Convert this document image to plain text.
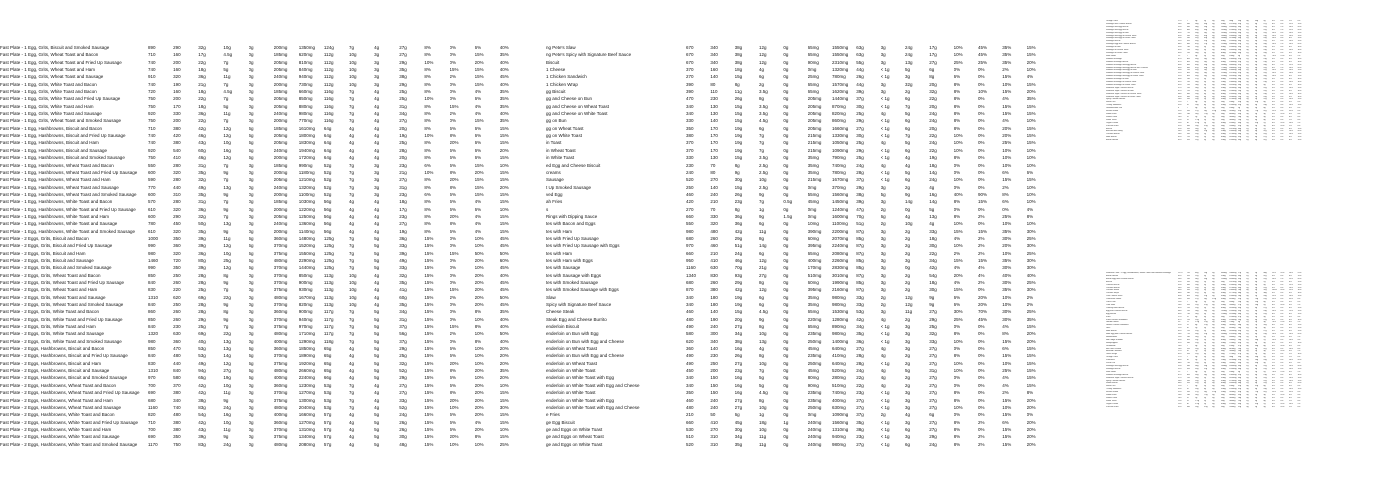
Fast Plate - 1 Egg, Grits, Biscuit and Smoked Sausage	890	290	32g	10g	0g	200mg	1350mg	124g	7g	4g	27g	8%	0%	6%	40%
Fast Plate - 1 Egg, Grits, Wheat Toast and Bacon	710	160	17g	4.5g	0g	185mg	620mg	112g	10g	3g	27g	8%	0%	15%	35%
Fast Plate - 1 Egg, Grits, Wheat Toast and Fried Up Sausage	740	200	22g	7g	0g	205mg	810mg	112g	10g	3g	29g	10%	0%	20%	40%
Fast Plate - 1 Egg, Grits, Wheat Toast and Ham	740	160	18g	5g	0g	205mg	840mg	112g	10g	3g	35g	8%	15%	15%	40%
Fast Plate - 1 Egg, Grits, Wheat Toast and Sausage	910	320	36g	11g	0g	240mg	940mg	112g	10g	3g	38g	8%	2%	15%	45%
Fast Plate - 1 Egg, Grits, White Toast and Bacon	740	190	21g	7g	0g	200mg	730mg	112g	10g	3g	29g	8%	0%	15%	40%
Fast Plate - 1 Egg, Grits, White Toast and Bacon	720	160	18g	4.5g	0g	185mg	660mg	116g	7g	4g	25g	8%	0%	4%	35%
Fast Plate - 1 Egg, Grits, White Toast and Fried Up Sausage	750	200	22g	7g	0g	205mg	850mg	116g	7g	4g	25g	10%	0%	6%	35%
Fast Plate - 1 Egg, Grits, White Toast and Ham	750	170	18g	5g	0g	205mg	880mg	116g	7g	4g	31g	8%	15%	4%	35%
Fast Plate - 1 Egg, Grits, White Toast and Sausage	920	330	36g	11g	0g	240mg	980mg	116g	7g	4g	34g	8%	2%	4%	40%
Fast Plate - 1 Egg, Grits, Wheat Toast and Smoked Sausage	750	200	22g	7g	0g	200mg	770mg	116g	7g	4g	27g	8%	0%	15%	35%
Fast Plate - 1 Egg, Hashbrowns, Biscuit and Bacon	710	380	42g	12g	6g	185mg	1610mg	64g	4g	4g	20g	8%	6%	6%	15%
Fast Plate - 1 Egg, Hashbrowns, Biscuit and Fried Up Sausage	740	420	46g	12g	6g	205mg	1800mg	64g	4g	4g	19g	10%	8%	6%	15%
Fast Plate - 1 Egg, Hashbrowns, Biscuit and Ham	740	380	43g	10g	6g	205mg	1830mg	64g	4g	4g	25g	8%	20%	6%	15%
Fast Plate - 1 Egg, Hashbrowns, Biscuit and Sausage	920	540	60g	16g	6g	240mg	1940mg	64g	4g	4g	28g	8%	6%	6%	20%
Fast Plate - 1 Egg, Hashbrowns, Biscuit and Smoked Sausage	750	410	46g	12g	6g	200mg	1720mg	64g	4g	4g	20g	8%	6%	6%	15%
Fast Plate - 1 Egg, Hashbrowns, Wheat Toast and Bacon	550	280	31g	7g	3g	185mg	990mg	52g	7g	3g	23g	6%	6%	15%	10%
Fast Plate - 1 Egg, Hashbrowns, Wheat Toast and Fried Up Sausage	600	320	35g	9g	0g	200mg	1180mg	52g	7g	3g	21g	10%	8%	20%	15%
Fast Plate - 1 Egg, Hashbrowns, Wheat Toast and Ham	590	280	32g	7g	3g	205mg	1210mg	52g	7g	3g	27g	8%	20%	15%	15%
Fast Plate - 1 Egg, Hashbrowns, Wheat Toast and Sausage	770	440	49g	13g	0g	240mg	1320mg	52g	7g	3g	31g	8%	8%	15%	20%
Fast Plate - 1 Egg, Hashbrowns, Wheat Toast and Smoked Sausage	600	310	35g	9g	0g	200mg	1100mg	52g	7g	3g	23g	6%	6%	15%	15%
Fast Plate - 1 Egg, Hashbrowns, White Toast and Bacon	570	280	31g	7g	0g	185mg	1030mg	56g	4g	4g	18g	8%	6%	4%	15%
Fast Plate - 1 Egg, Hashbrowns, White Toast and Fried Up Sausage	610	320	36g	9g	0g	200mg	1220mg	56g	4g	4g	17g	8%	6%	6%	10%
Fast Plate - 1 Egg, Hashbrowns, White Toast and Ham	600	290	32g	7g	0g	205mg	1250mg	56g	4g	4g	23g	8%	20%	4%	15%
Fast Plate - 1 Egg, Hashbrowns, White Toast and Sausage	780	450	50g	13g	0g	240mg	1360mg	56g	4g	4g	27g	8%	8%	4%	15%
Fast Plate - 1 Egg, Hashbrowns, White Toast and Smoked Sausage	610	320	35g	9g	0g	200mg	1140mg	56g	4g	4g	19g	8%	6%	4%	15%
Fast Plate - 2 Eggs, Grits, Biscuit and Bacon	1000	350	39g	11g	6g	360mg	1480mg	125g	7g	5g	36g	15%	0%	10%	45%
Fast Plate - 2 Eggs, Grits, Biscuit and Fried Up Sausage	990	360	39g	12g	6g	370mg	1520mg	125g	7g	5g	33g	15%	0%	10%	45%
Fast Plate - 2 Eggs, Grits, Biscuit and Ham	980	320	36g	10g	6g	375mg	1550mg	125g	7g	5g	39g	15%	15%	50%	50%
Fast Plate - 2 Eggs, Grits, Biscuit and Sausage	1460	720	80g	25g	6g	480mg	2290mg	125g	7g	5g	49g	15%	0%	20%	60%
Fast Plate - 2 Eggs, Grits, Biscuit and Smoked Sausage	990	350	39g	12g	6g	370mg	1440mg	125g	7g	5g	33g	15%	0%	10%	45%
Fast Plate - 2 Eggs, Grits, Wheat Toast and Bacon	850	250	28g	8g	0g	370mg	850mg	113g	10g	4g	32g	15%	0%	20%	40%
Fast Plate - 2 Eggs, Grits, Wheat Toast and Fried Up Sausage	840	260	28g	9g	0g	370mg	900mg	113g	10g	4g	35g	15%	0%	20%	45%
Fast Plate - 2 Eggs, Grits, Wheat Toast and Ham	830	220	25g	7g	0g	375mg	930mg	113g	10g	4g	41g	15%	15%	20%	45%
Fast Plate - 2 Eggs, Grits, Wheat Toast and Sausage	1310	620	69g	22g	0g	480mg	1670mg	113g	10g	4g	60g	15%	2%	20%	50%
Fast Plate - 2 Eggs, Grits, Wheat Toast and Smoked Sausage	840	250	28g	9g	0g	370mg	820mg	113g	10g	4g	35g	15%	0%	20%	45%
Fast Plate - 2 Eggs, Grits, White Toast and Bacon	860	260	28g	8g	0g	360mg	900mg	117g	7g	5g	34g	15%	0%	8%	35%
Fast Plate - 2 Eggs, Grits, White Toast and Fried Up Sausage	850	260	29g	9g	0g	370mg	940mg	117g	7g	5g	31g	15%	0%	10%	40%
Fast Plate - 2 Eggs, Grits, White Toast and Ham	840	230	25g	7g	0g	375mg	970mg	117g	7g	5g	37g	15%	15%	8%	40%
Fast Plate - 2 Eggs, Grits, White Toast and Sausage	1320	630	69g	22g	0g	480mg	1710mg	117g	7g	5g	56g	15%	2%	10%	50%
Fast Plate - 2 Eggs, Grits, White Toast and Smoked Sausage	980	360	40g	13g	0g	400mg	1290mg	118g	7g	5g	37g	15%	0%	8%	40%
Fast Plate - 2 Eggs, Hashbrowns, Biscuit and Bacon	850	470	53g	13g	6g	360mg	1850mg	65g	4g	5g	29g	15%	6%	10%	20%
Fast Plate - 2 Eggs, Hashbrowns, Biscuit and Fried Up Sausage	840	480	53g	14g	6g	370mg	1890mg	65g	4g	5g	25g	15%	6%	10%	20%
Fast Plate - 2 Eggs, Hashbrowns, Biscuit and Ham	830	440	49g	12g	6g	375mg	1920mg	65g	4g	5g	32g	15%	20%	10%	20%
Fast Plate - 2 Eggs, Hashbrowns, Biscuit and Sausage	1310	840	94g	27g	6g	480mg	2660mg	65g	4g	5g	52g	15%	8%	20%	35%
Fast Plate - 2 Eggs, Hashbrowns, Biscuit and Smoked Sausage	970	580	65g	19g	6g	400mg	2240mg	66g	4g	5g	29g	15%	6%	10%	20%
Fast Plate - 2 Eggs, Hashbrowns, Wheat Toast and Bacon	700	370	42g	10g	0g	360mg	1230mg	53g	7g	4g	27g	15%	6%	20%	10%
Fast Plate - 2 Eggs, Hashbrowns, Wheat Toast and Fried Up Sausage	690	380	42g	11g	0g	370mg	1270mg	53g	7g	4g	27g	15%	8%	20%	15%
Fast Plate - 2 Eggs, Hashbrowns, Wheat Toast and Ham	680	340	38g	9g	0g	375mg	1300mg	53g	7g	4g	33g	15%	20%	20%	15%
Fast Plate - 2 Eggs, Hashbrowns, Wheat Toast and Sausage	1160	740	83g	24g	0g	480mg	2040mg	53g	7g	4g	52g	15%	10%	20%	30%
Fast Plate - 2 Eggs, Hashbrowns, White Toast and Bacon	820	480	54g	16g	0g	400mg	1660mg	57g	4g	5g	24g	15%	6%	20%	15%
Fast Plate - 2 Eggs, Hashbrowns, White Toast and Fried Up Sausage	710	380	42g	10g	0g	360mg	1270mg	57g	4g	5g	26g	15%	6%	4%	15%
Fast Plate - 2 Eggs, Hashbrowns, White Toast and Ham	700	380	43g	11g	0g	370mg	1310mg	57g	4g	5g	26g	15%	6%	20%	10%
Fast Plate - 2 Eggs, Hashbrowns, White Toast and Sausage	690	350	39g	9g	0g	375mg	1340mg	57g	4g	5g	30g	15%	20%	8%	15%
Fast Plate - 2 Eggs, Hashbrowns, White Toast and Smoked Sausage	1170	750	83g	24g	0g	480mg	2080mg	57g	4g	5g	48g	15%	10%	10%	25%
ng Pete's Slaw	670	340	38g	12g	0g	65mg	1550mg	63g	3g	24g	17g	10%	45%	35%	15%
ng Pete's Spicy with Signature Beef Sauce	670	340	38g	12g	0g	65mg	1550mg	63g	3g	24g	17g	10%	45%	35%	15%
Biscuit	670	340	38g	12g	0g	90mg	2310mg	55g	3g	13g	27g	25%	25%	35%	20%
1 Cheese	370	160	18g	4g	0g	0mg	1320mg	44g	< 1g	5g	6g	0%	0%	2%	10%
1 Chicken Sandwich	270	140	15g	6g	0g	25mg	780mg	26g	< 1g	3g	8g	6%	0%	15%	4%
1 Chicken Wrap	390	80	8g	2g	0g	65mg	1570mg	44g	3g	32g	20g	8%	0%	10%	15%
gg Biscuit	390	110	11g	3.5g	0g	65mg	1620mg	39g	3g	2g	32g	8%	10%	15%	20%
gg and Cheese on Bun	470	230	26g	8g	0g	205mg	1440mg	37g	< 1g	6g	22g	8%	0%	4%	35%
gg and Cheese on Wheat Toast	340	130	15g	3.5g	0g	205mg	870mg	30g	< 1g	7g	20g	8%	0%	15%	15%
gg and Cheese on White Toast	340	130	15g	3.5g	0g	205mg	820mg	25g	4g	5g	24g	8%	0%	15%	15%
gg on Bun	330	140	15g	4.5g	0g	205mg	860mg	29g	< 1g	6g	24g	8%	0%	4%	10%
gg on Wheat Toast	350	170	19g	6g	0g	205mg	1660mg	27g	< 1g	6g	20g	8%	0%	20%	15%
gg on White Toast	380	170	19g	7g	0g	215mg	1330mg	30g	< 1g	7g	22g	10%	0%	20%	15%
in Toast	370	170	19g	7g	0g	215mg	1050mg	25g	4g	5g	24g	10%	0%	25%	15%
in Wheat Toast	370	170	19g	7g	0g	215mg	1090mg	29g	< 1g	6g	22g	10%	0%	10%	10%
in White Toast	330	130	15g	3.5g	0g	35mg	790mg	25g	< 1g	4g	19g	8%	0%	10%	10%
ed Egg and Cheese Biscuit	230	70	8g	2.5g	0g	35mg	740mg	24g	4g	4g	18g	0%	0%	10%	10%
creams	240	80	9g	2.5g	0g	35mg	780mg	28g	< 1g	5g	14g	0%	0%	6%	6%
Sausage	520	270	30g	10g	0g	215mg	1670mg	37g	< 1g	6g	24g	10%	0%	15%	15%
t Up Smoked Sausage	250	140	15g	2.5g	0g	0mg	370mg	29g	3g	2g	4g	0%	0%	2%	10%
ved Egg	460	240	26g	9g	0g	55mg	1560mg	38g	5g	9g	16g	40%	90%	8%	10%
ah Fries	420	210	23g	7g	0.5g	45mg	1450mg	39g	3g	14g	14g	8%	15%	6%	10%
s	270	70	8g	1g	0g	0mg	1240mg	47g	2g	0g	5g	0%	0%	0%	4%
Rings with Dipping Sauce	660	330	36g	9g	1.5g	0mg	1600mg	70g	6g	4g	13g	8%	2%	25%	8%
tes with Bacon and Eggs	550	320	36g	6g	0g	10mg	1100mg	51g	2g	10g	4g	10%	0%	10%	10%
tes with Ham	980	480	42g	11g	0g	390mg	2200mg	87g	3g	2g	33g	15%	15%	35%	30%
tes with Fried Up Sausage	680	260	29g	8g	0g	60mg	2070mg	85g	3g	2g	18g	4%	2%	30%	25%
tes with Fried Up Sausage with Eggs	970	460	51g	14g	0g	395mg	2240mg	87g	3g	2g	30g	10%	2%	20%	30%
tes with Ham	660	210	24g	6g	0g	65mg	2080mg	87g	3g	2g	22g	2%	2%	10%	25%
tes with Ham with Eggs	950	410	46g	12g	0g	400mg	2260mg	85g	3g	3g	34g	15%	15%	35%	30%
tes with Sausage	1160	630	70g	21g	0g	170mg	2830mg	85g	3g	0g	42g	4%	4%	30%	30%
tes with Sausage with Eggs	1340	830	93g	27g	0g	510mg	3010mg	87g	3g	2g	54g	20%	4%	40%	40%
tes with Smoked Sausage	680	260	29g	8g	0g	60mg	1990mg	85g	3g	2g	18g	4%	2%	30%	25%
tes with Smoked Sausage with Eggs	870	380	42g	12g	0g	395mg	2160mg	87g	3g	2g	30g	15%	0%	35%	30%
Slaw	340	180	19g	6g	0g	35mg	980mg	33g	2g	12g	9g	6%	20%	10%	2%
Spicy with Signature Beef Sauce	340	180	19g	6g	0g	35mg	980mg	33g	2g	12g	9g	6%	20%	10%	2%
Cheese Steak	460	140	15g	4.5g	0g	65mg	1530mg	53g	3g	11g	27g	30%	70%	30%	25%
Steak Egg and Cheese Burrito	480	190	20g	9g	0g	220mg	1280mg	42g	4g	2g	29g	25%	45%	30%	35%
enderloin Biscuit	490	240	27g	8g	0g	65mg	890mg	34g	< 1g	3g	25g	0%	0%	4%	15%
enderloin on Bun with Egg	580	300	34g	10g	0g	235mg	980mg	35g	< 1g	3g	32g	8%	0%	8%	20%
enderloin on Bun with Egg and Cheese	620	340	38g	13g	0g	250mg	1400mg	36g	< 1g	3g	33g	10%	0%	15%	20%
enderloin on Wheat Toast	360	140	16g	4g	0g	45mg	640mg	27g	4g	3g	27g	0%	0%	6%	15%
enderloin on Bun with Egg and Cheese	490	230	26g	8g	0g	235mg	410mg	28g	4g	2g	27g	8%	0%	15%	15%
enderloin on Wheat Toast	490	250	27g	10g	0g	250mg	640mg	28g	< 1g	2g	27g	10%	0%	10%	15%
enderloin on White Toast	450	200	23g	7g	0g	45mg	520mg	24g	4g	5g	31g	10%	0%	25%	15%
enderloin on White Toast with Egg	340	150	16g	5g	0g	80mg	280mg	22g	4g	2g	27g	0%	0%	4%	15%
enderloin on White Toast with Egg and Cheese	340	150	16g	5g	0g	90mg	510mg	22g	4g	2g	27g	0%	0%	4%	15%
enderloin on White Toast	350	150	16g	4.5g	0g	235mg	740mg	23g	< 1g	3g	27g	8%	0%	2%	8%
enderloin on White Toast with Egg	460	240	27g	8g	0g	235mg	400mg	27g	< 1g	3g	27g	8%	0%	15%	20%
enderloin on White Toast with Egg and Cheese	480	240	27g	10g	0g	250mg	630mg	27g	< 1g	3g	27g	10%	0%	10%	20%
e Fries	210	50	6g	1g	0g	0mg	1090mg	37g	2g	4g	6g	0%	0%	15%	0%
ge Egg Biscuit	660	410	45g	18g	1g	240mg	1560mg	35g	< 1g	3g	27g	8%	2%	6%	20%
ge and Eggs on White Toast	530	270	30g	10g	0g	240mg	1310mg	38g	< 1g	6g	27g	8%	0%	15%	20%
ge and Eggs on Wheat Toast	510	310	34g	11g	0g	240mg	940mg	23g	< 1g	3g	29g	8%	2%	15%	20%
ge and Eggs on White Toast	520	310	35g	11g	0g	240mg	980mg	27g	< 1g	6g	24g	8%	2%	15%	20%
Orange Juice	170	0	0g	0g	0g	0mg	0mg	39g	0g	34g	2g	0%	0%	2%	0%
Sausage and Cheese Biscuit	580	340	38g	16g	0g	70mg	1570mg	42g	1g	4g	17g	8%	0%	15%	15%
Sausage and Egg Biscuit	590	340	38g	14g	0g	240mg	1400mg	40g	1g	4g	21g	8%	2%	20%	20%
Sausage and Egg Biscuit	620	360	40g	16g	0g	245mg	1530mg	41g	1g	4g	22g	8%	2%	15%	20%
Sausage and Egg on Bun	490	270	30g	11g	0g	245mg	1020mg	33g	1g	5g	22g	10%	0%	10%	15%
Sausage and Egg on Wheat Toast	490	280	31g	10g	0g	240mg	1090mg	29g	3g	3g	23g	10%	0%	20%	15%
Sausage and Egg on White Toast	500	280	31g	10g	0g	240mg	1130mg	33g	1g	4g	19g	10%	0%	6%	15%
Sausage Biscuit	510	320	35g	12g	0g	35mg	1350mg	40g	1g	4g	12g	0%	0%	10%	15%
Sausage Egg and Cheese Biscuit	640	380	42g	17g	0g	255mg	1860mg	41g	1g	4g	24g	10%	2%	20%	20%
Sausage on Bun	390	230	25g	9g	0g	35mg	1030mg	33g	1g	5g	13g	0%	0%	6%	10%
Sausage on Wheat Toast	420	250	28g	9g	0g	30mg	1090mg	30g	3g	3g	14g	0%	0%	20%	10%
Sausage on White Toast	430	250	28g	9g	0g	30mg	1130mg	33g	1g	4g	10g	0%	0%	4%	10%
Side Salad	15	0	0g	0g	0g	0mg	10mg	3g	1g	2g	1g	70%	15%	0%	2%
Smoked Sausage	470	300	33g	11g	0g	60mg	1560mg	32g	1g	4g	13g	0%	0%	6%	10%
Smoked Sausage Biscuit	470	300	33g	11g	0g	60mg	1560mg	32g	1g	4g	13g	0%	0%	6%	10%
Smoked Sausage and Egg Biscuit	600	360	40g	14g	0g	260mg	1660mg	41g	1g	4g	20g	8%	2%	15%	20%
Smoked Sausage and Egg Biscuit with Cheese	630	380	42g	16g	0g	275mg	1860mg	41g	1g	4g	22g	8%	2%	20%	20%
Smoked Sausage and Egg on Bun	500	290	32g	11g	0g	260mg	1300mg	34g	1g	5g	21g	10%	0%	10%	15%
Smoked Sausage and Egg on Wheat Toast	510	300	33g	11g	0g	255mg	1370mg	31g	3g	3g	22g	10%	0%	20%	15%
Smoked Sausage and Egg on White Toast	510	300	33g	11g	0g	255mg	1410mg	34g	1g	4g	18g	10%	0%	6%	15%
Smoked Sausage on Bun	400	240	27g	9g	0g	60mg	1320mg	34g	1g	5g	12g	0%	0%	6%	10%
Smoked Sausage on Wheat Toast	410	250	28g	9g	0g	55mg	1380mg	30g	3g	3g	13g	0%	0%	20%	10%
Smoked Sausage on White Toast	420	250	28g	9g	0g	55mg	1420mg	34g	1g	4g	9g	0%	0%	4%	10%
Southern Style Chicken Biscuit	570	250	28g	7g	0g	45mg	1650mg	60g	2g	5g	21g	0%	0%	10%	15%
Southern Style Chicken on Bun	470	170	19g	4g	0g	45mg	1330mg	53g	2g	6g	22g	0%	0%	8%	10%
Southern Style Chicken on Wheat Toast	480	180	20g	4g	0g	40mg	1390mg	49g	4g	4g	23g	0%	0%	20%	10%
Southern Style Chicken on White Toast	490	180	20g	4g	0g	40mg	1430mg	53g	2g	5g	19g	0%	0%	4%	10%
Spicy Chicken Biscuit	580	260	29g	7g	0g	50mg	1700mg	60g	2g	5g	21g	0%	0%	10%	15%
Sweet Tea	120	0	0g	0g	0g	0mg	10mg	31g	0g	31g	0g	0%	0%	0%	0%
Turkey Sandwich	350	90	10g	3g	0g	45mg	1280mg	41g	3g	6g	24g	0%	4%	10%	15%
Unsweetened Tea	0	0	0g	0g	0g	0mg	10mg	0g	0g	0g	0g	0%	0%	0%	0%
Vanilla Shake	520	150	17g	11g	0.5g	65mg	320mg	81g	0g	71g	11g	15%	0%	35%	0%
Waffle Fries	280	130	14g	2.5g	0g	0mg	660mg	35g	3g	0g	3g	0%	10%	0%	4%
Wheat Toast	140	20	2g	0g	0g	0mg	340mg	26g	3g	3g	5g	0%	0%	6%	8%
White Toast	150	15	1.5g	0g	0g	0mg	380mg	29g	1g	3g	4g	0%	0%	2%	8%
Yogurt Parfait	230	30	3.5g	2g	0g	10mg	105mg	43g	2g	31g	7g	6%	10%	20%	2%
Zucchini Fries	320	180	20g	3.5g	0g	0mg	760mg	31g	3g	5g	5g	8%	10%	2%	6%
Biscuit	350	150	16g	7g	0g	0mg	1070mg	44g	1g	3g	7g	0%	0%	6%	15%
Biscuits and Gravy	540	250	28g	12g	0g	15mg	1900mg	60g	2g	4g	11g	0%	0%	10%	20%
Chicken Biscuit	580	260	29g	7g	0g	50mg	1700mg	60g	2g	5g	21g	0%	0%	10%	15%
Ham Biscuit	420	170	19g	7g	0g	30mg	1650mg	45g	1g	4g	17g	0%	0%	6%	15%
Bacon Biscuit	410	200	22g	9g	0g	15mg	1280mg	44g	1g	3g	11g	0%	0%	6%	15%
Southern Plate - 1 Egg, Hashbrowns, Wheat Toast and Smoked Sausage	1170	750	83g	24g	0g	480mg	2080mg	57g	4g	5g	48g	15%	10%	10%	25%
Bacon Biscuit	410	200	22g	9g	0g	15mg	1280mg	44g	1g	3g	11g	0%	0%	6%	15%
Bacon Egg and Cheese Biscuit	560	310	34g	14g	0g	250mg	1640mg	45g	1g	4g	21g	10%	2%	15%	20%
Biscuit	350	150	16g	7g	0g	0mg	1070mg	44g	1g	3g	7g	0%	0%	6%	15%
Cheese Biscuit	390	180	20g	9g	0g	15mg	1280mg	44g	1g	3g	9g	4%	0%	15%	15%
Chicken Biscuit	580	260	29g	7g	0g	50mg	1700mg	60g	2g	5g	21g	0%	0%	10%	15%
Chicken Salad	430	190	21g	6g	0g	70mg	1000mg	28g	4g	5g	31g	100%	45%	15%	10%
Chicken Strips	660	330	37g	8g	0g	60mg	1770mg	48g	2g	0g	36g	0%	0%	4%	10%
Chili Cheese Fries	600	300	33g	12g	0g	60mg	1540mg	56g	5g	2g	20g	15%	0%	20%	15%
Chocolate Shake	560	150	17g	11g	0.5g	60mg	420mg	91g	2g	79g	12g	15%	0%	35%	6%
Coca-Cola	200	0	0g	0g	0g	0mg	45mg	55g	0g	55g	0g	0%	0%	0%	0%
Cole Slaw	280	200	22g	3.5g	0g	15mg	300mg	17g	2g	14g	1g	6%	45%	4%	2%
Country Ham Biscuit	420	170	19g	7g	0g	30mg	1650mg	45g	1g	4g	17g	0%	0%	6%	15%
Egg and Cheese Biscuit	480	250	28g	11g	0g	235mg	1350mg	45g	1g	4g	14g	10%	0%	15%	15%
Egg Biscuit	430	210	24g	9g	0g	220mg	1140mg	44g	1g	3g	12g	8%	0%	8%	15%
Fries	270	70	8g	1g	0g	0mg	1240mg	47g	2g	0g	5g	0%	0%	0%	4%
Fried Chicken Sandwich	470	170	19g	4g	0g	45mg	1330mg	53g	2g	6g	22g	0%	0%	8%	10%
Garden Salad	50	25	2.5g	1.5g	0g	10mg	75mg	4g	1g	2g	3g	70%	15%	8%	2%
Grilled Chicken Sandwich	350	70	8g	1.5g	0g	70mg	960mg	38g	3g	7g	32g	6%	6%	8%	15%
Grits	120	10	1g	0g	0g	0mg	420mg	26g	1g	0g	3g	0%	0%	0%	15%
Ham Biscuit	420	170	19g	7g	0g	30mg	1650mg	45g	1g	4g	17g	0%	0%	6%	15%
Ham Egg and Cheese Biscuit	560	270	30g	12g	0g	260mg	1920mg	46g	1g	4g	25g	10%	0%	20%	20%
Hashbrowns	230	130	14g	2g	0g	0mg	400mg	24g	2g	0g	2g	0%	10%	0%	2%
Hot Fudge Sundae	350	100	11g	7g	0g	30mg	200mg	56g	1g	46g	7g	10%	0%	20%	4%
Hushpuppies	320	140	15g	2g	0g	15mg	720mg	42g	2g	6g	5g	0%	0%	4%	10%
Lemonade	180	0	0g	0g	0g	0mg	15mg	47g	0g	46g	0g	0%	20%	0%	0%
Mac and Cheese	280	120	13g	6g	0g	30mg	810mg	29g	1g	4g	11g	6%	0%	20%	8%
Mashed Potatoes	170	60	7g	2g	0g	5mg	540mg	24g	2g	2g	3g	2%	10%	4%	2%
Onion Rings	410	200	22g	4g	0g	0mg	770mg	47g	3g	5g	6g	0%	0%	2%	10%
Orange Juice	170	0	0g	0g	0g	0mg	0mg	39g	0g	34g	2g	0%	0%	2%	0%
Pancakes	450	80	9g	2g	0g	25mg	1100mg	82g	2g	18g	10g	2%	0%	20%	20%
Pecan Pie	480	210	23g	5g	0g	65mg	390mg	63g	2g	33g	5g	2%	0%	4%	8%
Sausage and Egg Biscuit	590	340	38g	14g	0g	240mg	1400mg	40g	1g	4g	21g	8%	2%	20%	20%
Sausage Biscuit	510	320	35g	12g	0g	35mg	1350mg	40g	1g	4g	12g	0%	0%	10%	15%
Side Salad	15	0	0g	0g	0g	0mg	10mg	3g	1g	2g	1g	70%	15%	0%	2%
Smoked Sausage Biscuit	470	300	33g	11g	0g	60mg	1560mg	32g	1g	4g	13g	0%	0%	6%	10%
Southern Style Chicken Biscuit	570	250	28g	7g	0g	45mg	1650mg	60g	2g	5g	21g	0%	0%	10%	15%
Spicy Chicken Biscuit	580	260	29g	7g	0g	50mg	1700mg	60g	2g	5g	21g	0%	0%	10%	15%
Steak Biscuit	480	200	22g	8g	0g	30mg	1400mg	48g	1g	3g	21g	0%	0%	8%	20%
Sweet Tea	120	0	0g	0g	0g	0mg	10mg	31g	0g	31g	0g	0%	0%	0%	0%
Turkey Sandwich	350	90	10g	3g	0g	45mg	1280mg	41g	3g	6g	24g	0%	4%	10%	15%
Vanilla Shake	520	150	17g	11g	0.5g	65mg	320mg	81g	0g	71g	11g	15%	0%	35%	0%
Waffle Fries	280	130	14g	2.5g	0g	0mg	660mg	35g	3g	0g	3g	0%	10%	0%	4%
Wheat Toast	140	20	2g	0g	0g	0mg	340mg	26g	3g	3g	5g	0%	0%	6%	8%
White Toast	150	15	1.5g	0g	0g	0mg	380mg	29g	1g	3g	4g	0%	0%	2%	8%
Yogurt Parfait	230	30	3.5g	2g	0g	10mg	105mg	43g	2g	31g	7g	6%	10%	20%	2%
Zucchini Fries	320	180	20g	3.5g	0g	0mg	760mg	31g	3g	5g	5g	8%	10%	2%	6%
